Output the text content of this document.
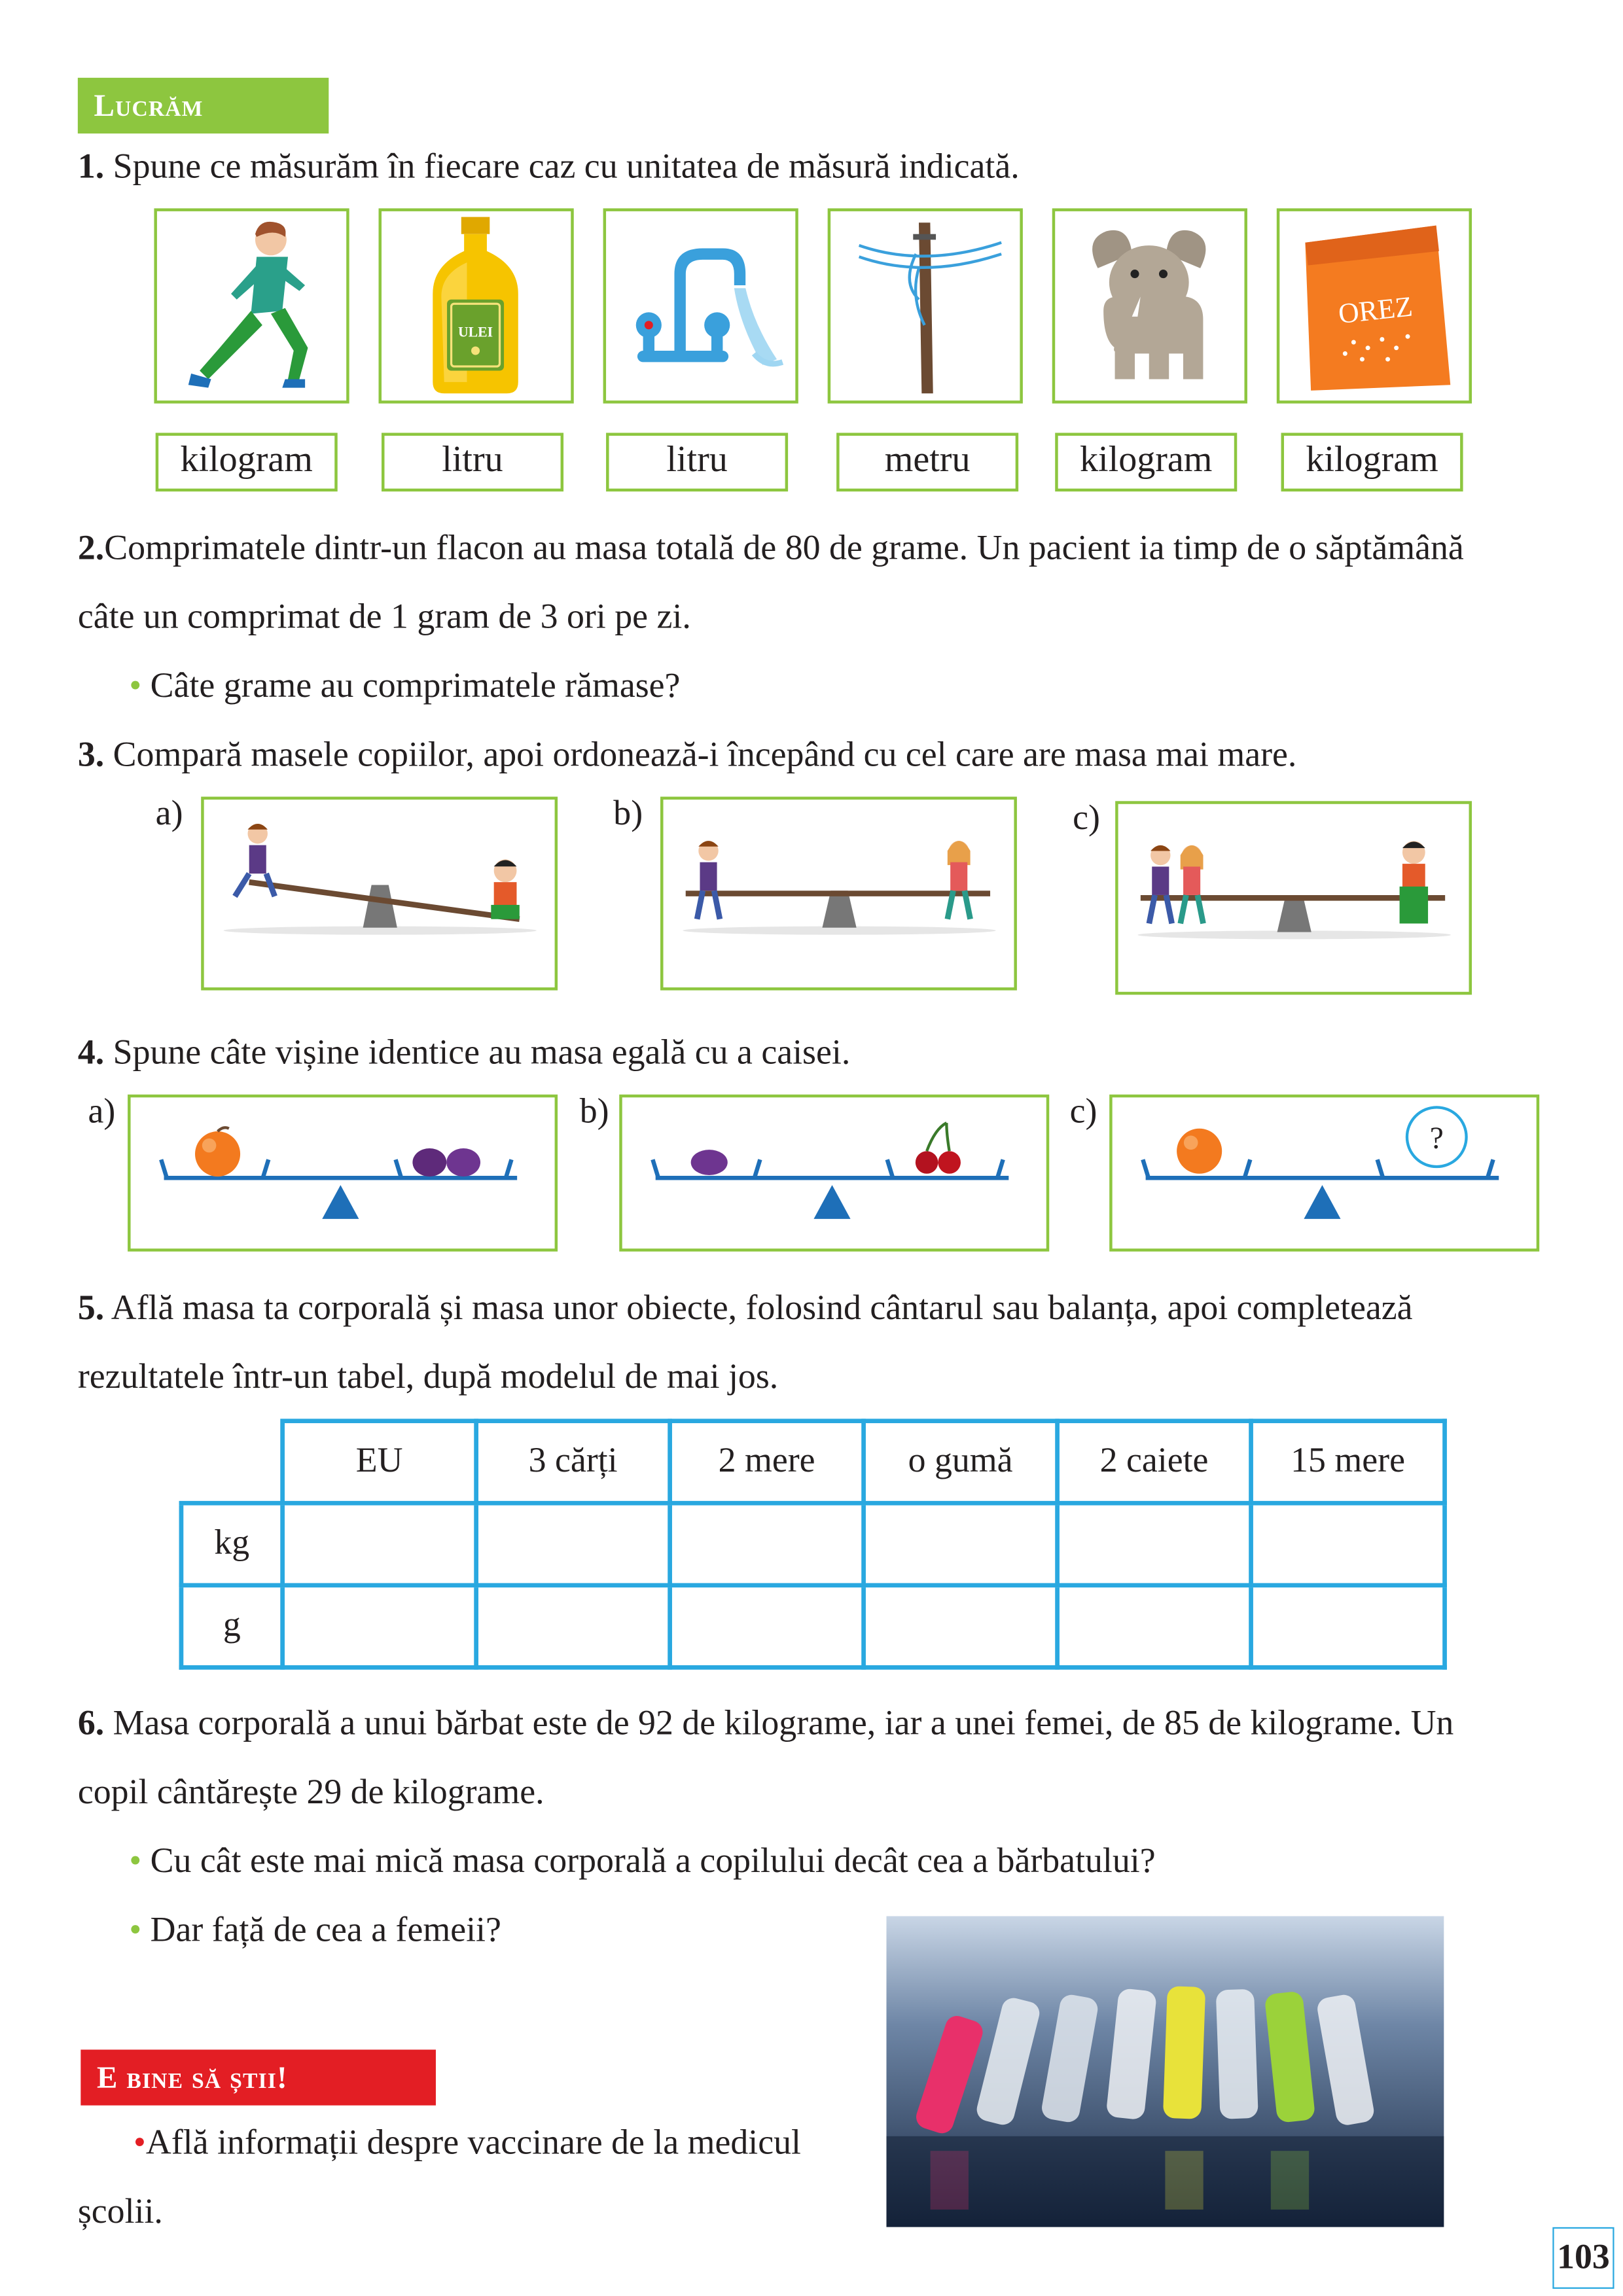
Lucrăm
1. Spune ce măsurăm în fiecare caz cu unitatea de măsură indicată.
ULEI
OREZ
kilogram	litru	litru	metru	kilogram	kilogram
2.Comprimatele dintr-un flacon au masa totală de 80 de grame. Un pacient ia timp de o săptămână
câte un comprimat de 1 gram de 3 ori pe zi.
• Câte grame au comprimatele rămase?
3. Compară masele copiilor, apoi ordonează-i începând cu cel care are masa mai mare.
a)	b)	c)
4. Spune câte vișine identice au masa egală cu a caisei.
a)	b)	c)
?
5. Află masa ta corporală și masa unor obiecte, folosind cântarul sau balanța, apoi completează
rezultatele într-un tabel, după modelul de mai jos.
	EU	3 cărți	2 mere	o gumă	2 caiete	15 mere
kg						
g						
6. Masa corporală a unui bărbat este de 92 de kilograme, iar a unei femei, de 85 de kilograme. Un
copil cântărește 29 de kilograme.
• Cu cât este mai mică masa corporală a copilului decât cea a bărbatului?
• Dar față de cea a femeii?
E bine să știi!
•Află informații despre vaccinare de la medicul
școlii.
103
